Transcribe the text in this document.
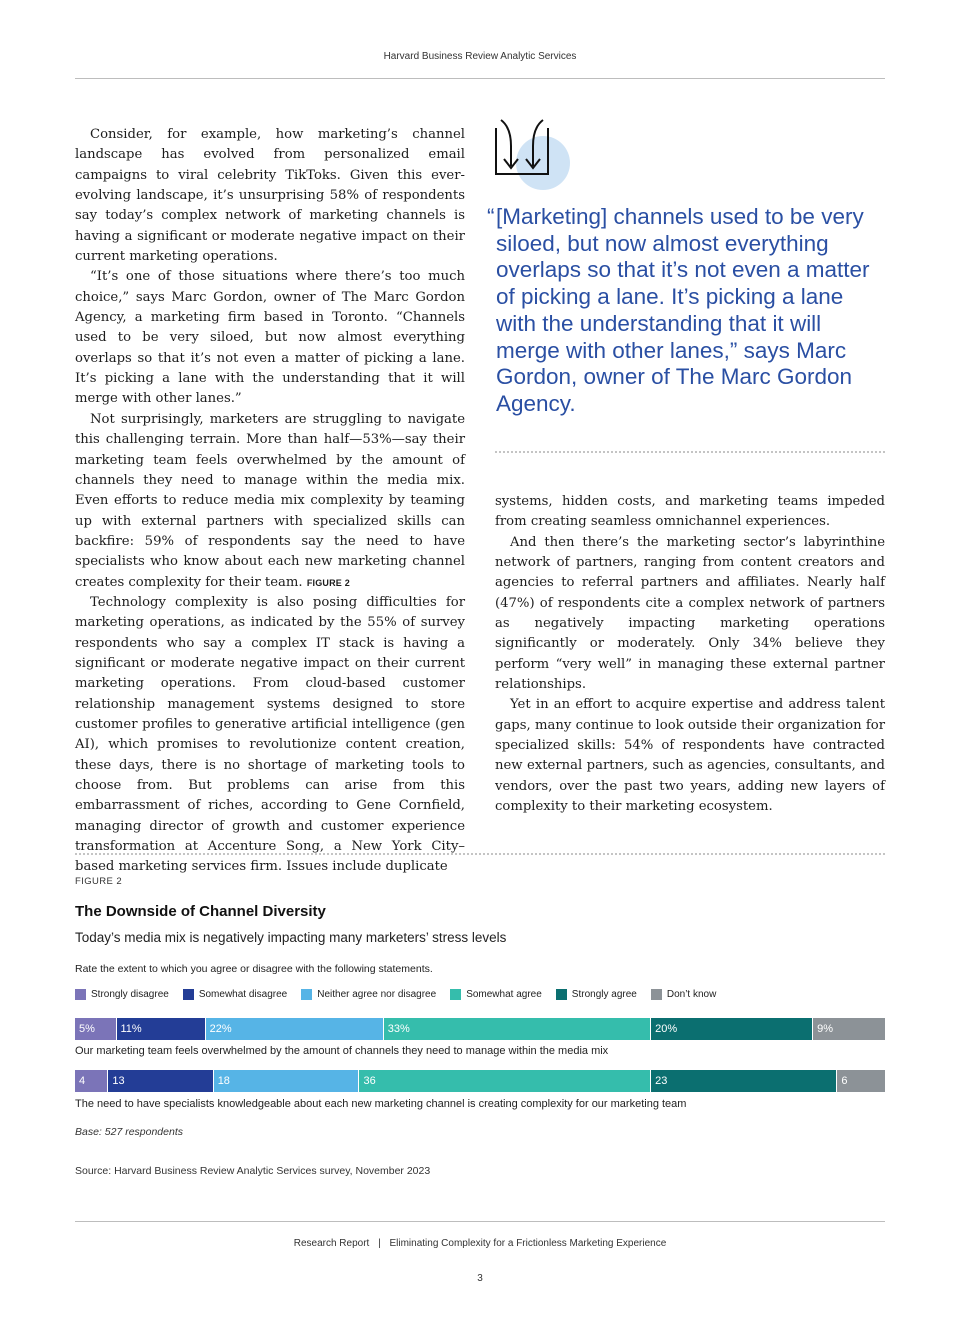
Harvard Business Review Analytic Services

Consider, for example, how marketing’s channel landscape has evolved from personalized email campaigns to viral celebrity TikToks. Given this ever-evolving landscape, it’s unsurprising 58% of respondents say today’s complex network of marketing channels is having a significant or moderate negative impact on their current marketing operations.

“It’s one of those situations where there’s too much choice,” says Marc Gordon, owner of The Marc Gordon Agency, a marketing firm based in Toronto. “Channels used to be very siloed, but now almost everything overlaps so that it’s not even a matter of picking a lane. It’s picking a lane with the understanding that it will merge with other lanes.”

Not surprisingly, marketers are struggling to navigate this challenging terrain. More than half—53%—say their marketing team feels overwhelmed by the amount of channels they need to manage within the media mix. Even efforts to reduce media mix complexity by teaming up with external partners with specialized skills can backfire: 59% of respondents say the need to have specialists who know about each new marketing channel creates complexity for their team. FIGURE 2

Technology complexity is also posing difficulties for marketing operations, as indicated by the 55% of survey respondents who say a complex IT stack is having a significant or moderate negative impact on their current marketing operations. From cloud-based customer relationship management systems designed to store customer profiles to generative artificial intelligence (gen AI), which promises to revolutionize content creation, these days, there is no shortage of marketing tools to choose from. But problems can arise from this embarrassment of riches, according to Gene Cornfield, managing director of growth and customer experience transformation at Accenture Song, a New York City–based marketing services firm. Issues include duplicate

“ [Marketing] channels used to be very siloed, but now almost everything overlaps so that it’s not even a matter of picking a lane. It’s picking a lane with the understanding that it will merge with other lanes,” says Marc Gordon, owner of The Marc Gordon Agency.

systems, hidden costs, and marketing teams impeded from creating seamless omnichannel experiences.

And then there’s the marketing sector’s labyrinthine network of partners, ranging from content creators and agencies to referral partners and affiliates. Nearly half (47%) of respondents cite a complex network of partners as negatively impacting marketing operations significantly or moderately. Only 34% believe they perform “very well” in managing these external partner relationships.

Yet in an effort to acquire expertise and address talent gaps, many continue to look outside their organization for specialized skills: 54% of respondents have contracted new external partners, such as agencies, consultants, and vendors, over the past two years, adding new layers of complexity to their marketing ecosystem.

FIGURE 2
The Downside of Channel Diversity
Today’s media mix is negatively impacting many marketers’ stress levels
Rate the extent to which you agree or disagree with the following statements.
Strongly disagree	Somewhat disagree	Neither agree nor disagree	Somewhat agree	Strongly agree	Don’t know
5%	11%	22%	33%	20%	9%
Our marketing team feels overwhelmed by the amount of channels they need to manage within the media mix
4	13	18	36	23	6
The need to have specialists knowledgeable about each new marketing channel is creating complexity for our marketing team
Base: 527 respondents
Source: Harvard Business Review Analytic Services survey, November 2023
Research Report | Eliminating Complexity for a Frictionless Marketing Experience
3
